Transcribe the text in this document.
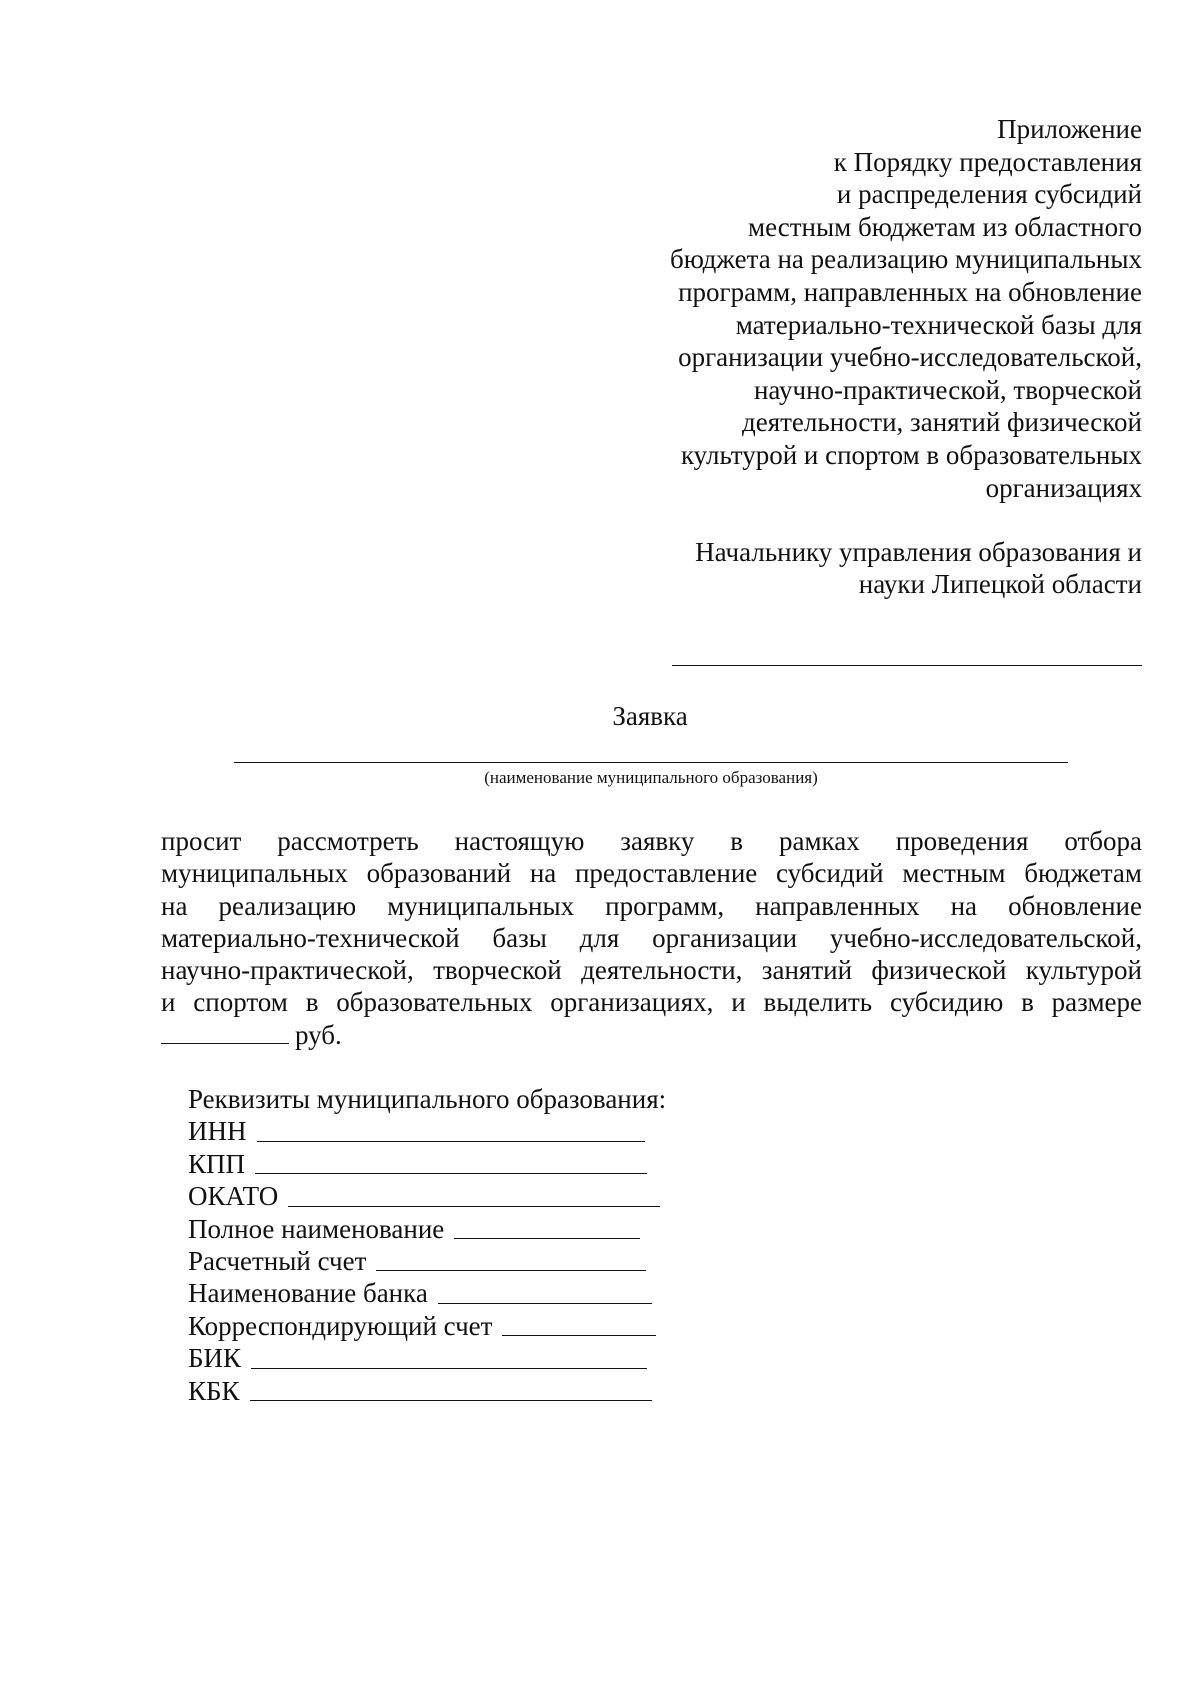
Приложение
к Порядку предоставления
и распределения субсидий
местным бюджетам из областного
бюджета на реализацию муниципальных
программ, направленных на обновление
материально-технической базы для
организации учебно-исследовательской,
научно-практической, творческой
деятельности, занятий физической
культурой и спортом в образовательных
организациях
Начальнику управления образования и
науки Липецкой области
Заявка
(наименование муниципального образования)
просит рассмотреть настоящую заявку в рамках проведения отбора
муниципальных образований на предоставление субсидий местным бюджетам
на реализацию муниципальных программ, направленных на обновление
материально-технической базы для организации учебно-исследовательской,
научно-практической, творческой деятельности, занятий физической культурой
и спортом в образовательных организациях, и выделить субсидию в размере
руб.
Реквизиты муниципального образования:
ИНН
КПП
ОКАТО
Полное наименование
Расчетный счет
Наименование банка
Корреспондирующий счет
БИК
КБК
